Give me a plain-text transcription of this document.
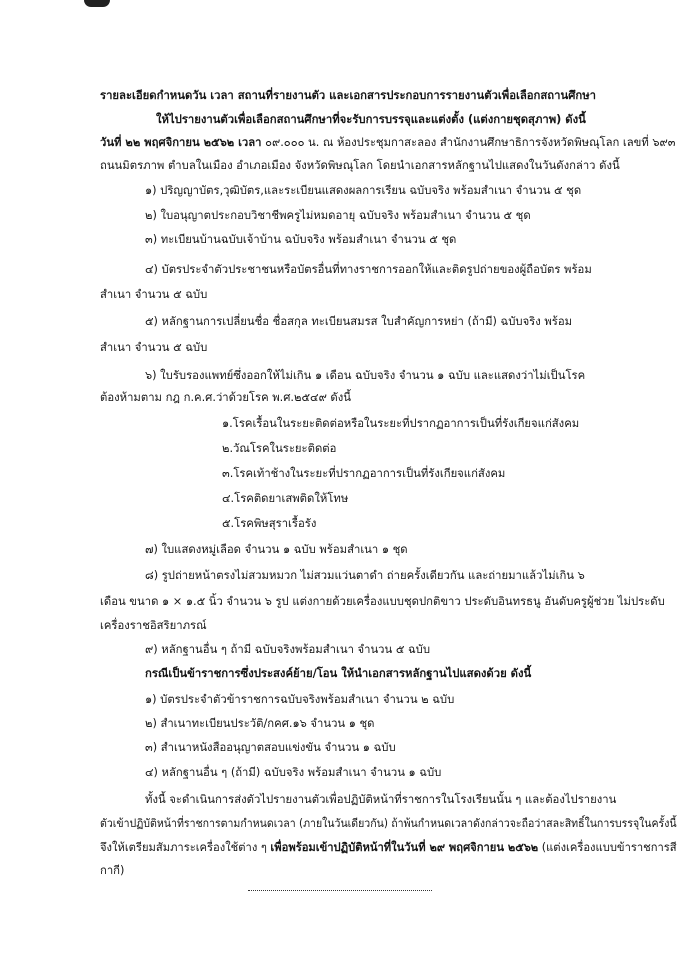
รายละเอียดกำหนดวัน เวลา สถานที่รายงานตัว และเอกสารประกอบการรายงานตัวเพื่อเลือกสถานศึกษา
ให้ไปรายงานตัวเพื่อเลือกสถานศึกษาที่จะรับการบรรจุและแต่งตั้ง (แต่งกายชุดสุภาพ) ดังนี้
วันที่ ๒๒ พฤศจิกายน ๒๕๖๒ เวลา ๐๙.๐๐๐ น. ณ ห้องประชุมกาสะลอง สำนักงานศึกษาธิการจังหวัดพิษณุโลก เลขที่ ๖๙๓
ถนนมิตรภาพ ตำบลในเมือง อำเภอเมือง จังหวัดพิษณุโลก โดยนำเอกสารหลักฐานไปแสดงในวันดังกล่าว ดังนี้
๑) ปริญญาบัตร,วุฒิบัตร,และระเบียนแสดงผลการเรียน ฉบับจริง พร้อมสำเนา จำนวน ๕ ชุด
๒) ใบอนุญาตประกอบวิชาชีพครูไม่หมดอายุ ฉบับจริง พร้อมสำเนา จำนวน ๕ ชุด
๓) ทะเบียนบ้านฉบับเจ้าบ้าน ฉบับจริง พร้อมสำเนา จำนวน ๕ ชุด
๔) บัตรประจำตัวประชาชนหรือบัตรอื่นที่ทางราชการออกให้และติดรูปถ่ายของผู้ถือบัตร พร้อม
สำเนา จำนวน ๕ ฉบับ
๕) หลักฐานการเปลี่ยนชื่อ ชื่อสกุล ทะเบียนสมรส ใบสำคัญการหย่า (ถ้ามี) ฉบับจริง พร้อม
สำเนา จำนวน ๕ ฉบับ
๖) ใบรับรองแพทย์ซึ่งออกให้ไม่เกิน ๑ เดือน ฉบับจริง จำนวน ๑ ฉบับ และแสดงว่าไม่เป็นโรค
ต้องห้ามตาม กฎ ก.ค.ศ.ว่าด้วยโรค พ.ศ.๒๕๔๙ ดังนี้
๑.โรคเรื้อนในระยะติดต่อหรือในระยะที่ปรากฏอาการเป็นที่รังเกียจแก่สังคม
๒.วัณโรคในระยะติดต่อ
๓.โรคเท้าช้างในระยะที่ปรากฏอาการเป็นที่รังเกียจแก่สังคม
๔.โรคติดยาเสพติดให้โทษ
๕.โรคพิษสุราเรื้อรัง
๗) ใบแสดงหมู่เลือด จำนวน ๑ ฉบับ พร้อมสำเนา ๑ ชุด
๘) รูปถ่ายหน้าตรงไม่สวมหมวก ไม่สวมแว่นตาดำ ถ่ายครั้งเดียวกัน และถ่ายมาแล้วไม่เกิน ๖
เดือน ขนาด ๑ × ๑.๕ นิ้ว จำนวน ๖ รูป แต่งกายด้วยเครื่องแบบชุดปกติขาว ประดับอินทรธนู อันดับครูผู้ช่วย ไม่ประดับ
เครื่องราชอิสริยาภรณ์
๙) หลักฐานอื่น ๆ ถ้ามี ฉบับจริงพร้อมสำเนา จำนวน ๕ ฉบับ
กรณีเป็นข้าราชการซึ่งประสงค์ย้าย/โอน ให้นำเอกสารหลักฐานไปแสดงด้วย ดังนี้
๑) บัตรประจำตัวข้าราชการฉบับจริงพร้อมสำเนา จำนวน ๒ ฉบับ
๒) สำเนาทะเบียนประวัติ/กคศ.๑๖ จำนวน ๑ ชุด
๓) สำเนาหนังสืออนุญาตสอบแข่งขัน จำนวน ๑ ฉบับ
๔) หลักฐานอื่น ๆ (ถ้ามี) ฉบับจริง พร้อมสำเนา จำนวน ๑ ฉบับ
ทั้งนี้ จะดำเนินการส่งตัวไปรายงานตัวเพื่อปฏิบัติหน้าที่ราชการในโรงเรียนนั้น ๆ และต้องไปรายงาน
ตัวเข้าปฏิบัติหน้าที่ราชการตามกำหนดเวลา (ภายในวันเดียวกัน) ถ้าพ้นกำหนดเวลาดังกล่าวจะถือว่าสละสิทธิ์ในการบรรจุในครั้งนี้
จึงให้เตรียมสัมภาระเครื่องใช้ต่าง ๆ เพื่อพร้อมเข้าปฏิบัติหน้าที่ในวันที่ ๒๙ พฤศจิกายน ๒๕๖๒ (แต่งเครื่องแบบข้าราชการสี
กากี)
